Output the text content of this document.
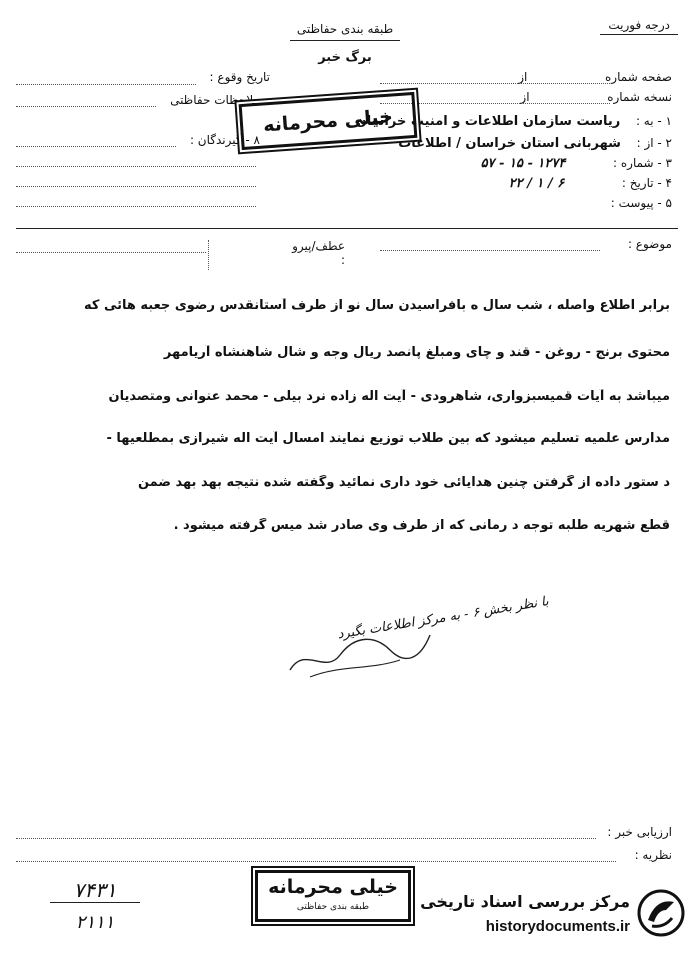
طبقه بندی حفاظتی
برگ خبر
درجه فوریت
تاریخ وقوع :
ملاحظات حفاظتی
۸ - گیرندگان :
صفحه شماره  از
نسخه شماره  از
۱ - به :  ریاست سازمان اطلاعات و امنیت خراسان
۲ - از :  شهربانی استان خراسان / اطلاعات
۳ - شماره :  ۱۲۷۴ - ۱۵ - ۵۷
۴ - تاریخ :  ۶ / ۱ / ۲۲
۵ - پیوست :
خیلی محرمانه
موضوع :
عطف/پیرو :
برابر اطلاع واصله ، شب سال ه بافراسیدن سال نو از طرف آستانقدس رضوی جعبه هائی که
محتوی برنج - روغن - قند و چای ومبلغ پانصد ریال وجه و شال شاهنشاه آریامهر
میباشد به آیات قمیسبزواری، شاهرودی - آیت اله زاده نرد بیلی - محمد عنوانی ومتصدیان
مدارس علمیه تسلیم میشود که بین طلاب توزیع نمایند امسال آیت اله شیرازی بمطلعیها -
د ستور داده از گرفتن چنین هدایائی خود داری نمائید وگفته شده نتیجه بهد بهد ضمن
قطع شهریه طلبه توجه د رمانی که از طرف وی صادر شد میس گرفته میشود .
با نظر بخش ۶ - به مرکز اطلاعات بگیرد
ارزیابی خبر :
نظریه :
خیلی محرمانه
طبقه بندی حفاظتی
۷۴۳۱
۲۱۱۱
مرکز بررسی اسناد تاریخی
historydocuments.ir
